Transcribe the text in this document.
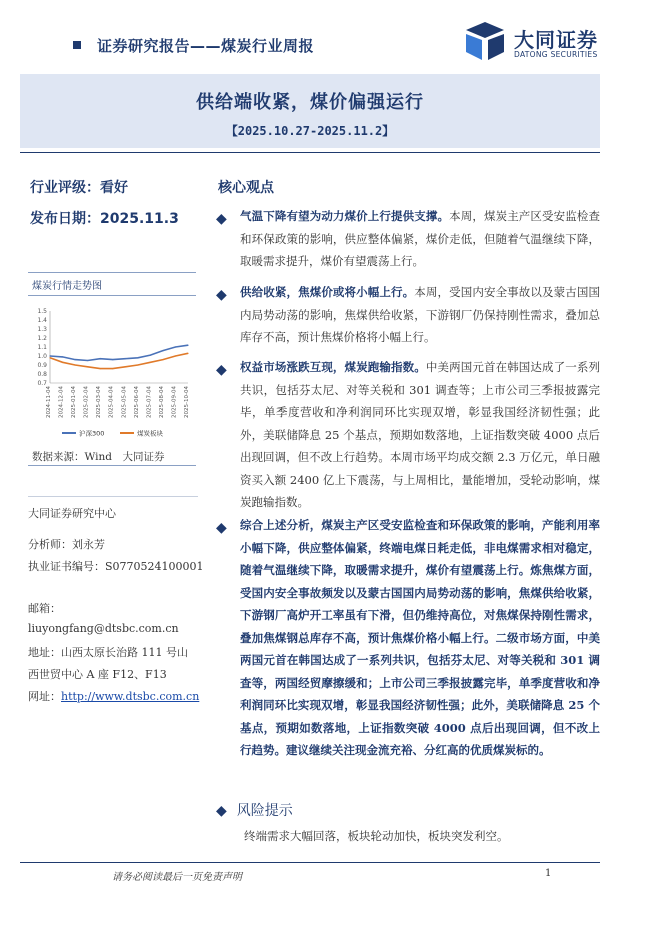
证券研究报告——煤炭行业周报	大同证券
DATONG SECURITIES
供给端收紧，煤价偏强运行
【2025.10.27-2025.11.2】
行业评级：看好
发布日期：2025.11.3
煤炭行情走势图
1.5
1.4
1.3
1.2
1.1
1.0
0.9
0.8
0.7
2024-11-04 2024-12-04 2025-01-04 2025-02-04 2025-03-04 2025-04-04 2025-05-04 2025-06-04 2025-07-04 2025-08-04 2025-09-04 2025-10-04
沪深300	煤炭板块
数据来源：Wind　大同证券
大同证券研究中心
分析师：刘永芳
执业证书编号：S0770524100001
邮箱：
liuyongfang@dtsbc.com.cn
地址：山西太原长治路 111 号山
西世贸中心 A 座 F12、F13
网址：http://www.dtsbc.com.cn
核心观点
◆ 气温下降有望为动力煤价上行提供支撑。本周，煤炭主产区受安监检查和环保政策的影响，供应整体偏紧，煤价走低，但随着气温继续下降，取暖需求提升，煤价有望震荡上行。
◆ 供给收紧，焦煤价或将小幅上行。本周，受国内安全事故以及蒙古国国内局势动荡的影响，焦煤供给收紧，下游钢厂仍保持刚性需求，叠加总库存不高，预计焦煤价格将小幅上行。
◆ 权益市场涨跌互现，煤炭跑输指数。中美两国元首在韩国达成了一系列共识，包括芬太尼、对等关税和 301 调查等；上市公司三季报披露完毕，单季度营收和净利润同环比实现双增，彰显我国经济韧性强；此外，美联储降息 25 个基点，预期如数落地，上证指数突破 4000 点后出现回调，但不改上行趋势。本周市场平均成交额 2.3 万亿元，单日融资买入额 2400 亿上下震荡，与上周相比，量能增加，受轮动影响，煤炭跑输指数。
◆ 综合上述分析，煤炭主产区受安监检查和环保政策的影响，产能利用率小幅下降，供应整体偏紧，终端电煤日耗走低，非电煤需求相对稳定，随着气温继续下降，取暖需求提升，煤价有望震荡上行。炼焦煤方面，受国内安全事故频发以及蒙古国国内局势动荡的影响，焦煤供给收紧，下游钢厂高炉开工率虽有下滑，但仍维持高位，对焦煤保持刚性需求，叠加焦煤钢总库存不高，预计焦煤价格小幅上行。二级市场方面，中美两国元首在韩国达成了一系列共识，包括芬太尼、对等关税和 301 调查等，两国经贸摩擦缓和；上市公司三季报披露完毕，单季度营收和净利润同环比实现双增，彰显我国经济韧性强；此外，美联储降息 25 个基点，预期如数落地，上证指数突破 4000 点后出现回调，但不改上行趋势。建议继续关注现金流充裕、分红高的优质煤炭标的。
◆ 风险提示
终端需求大幅回落，板块轮动加快，板块突发利空。
请务必阅读最后一页免责声明	1
